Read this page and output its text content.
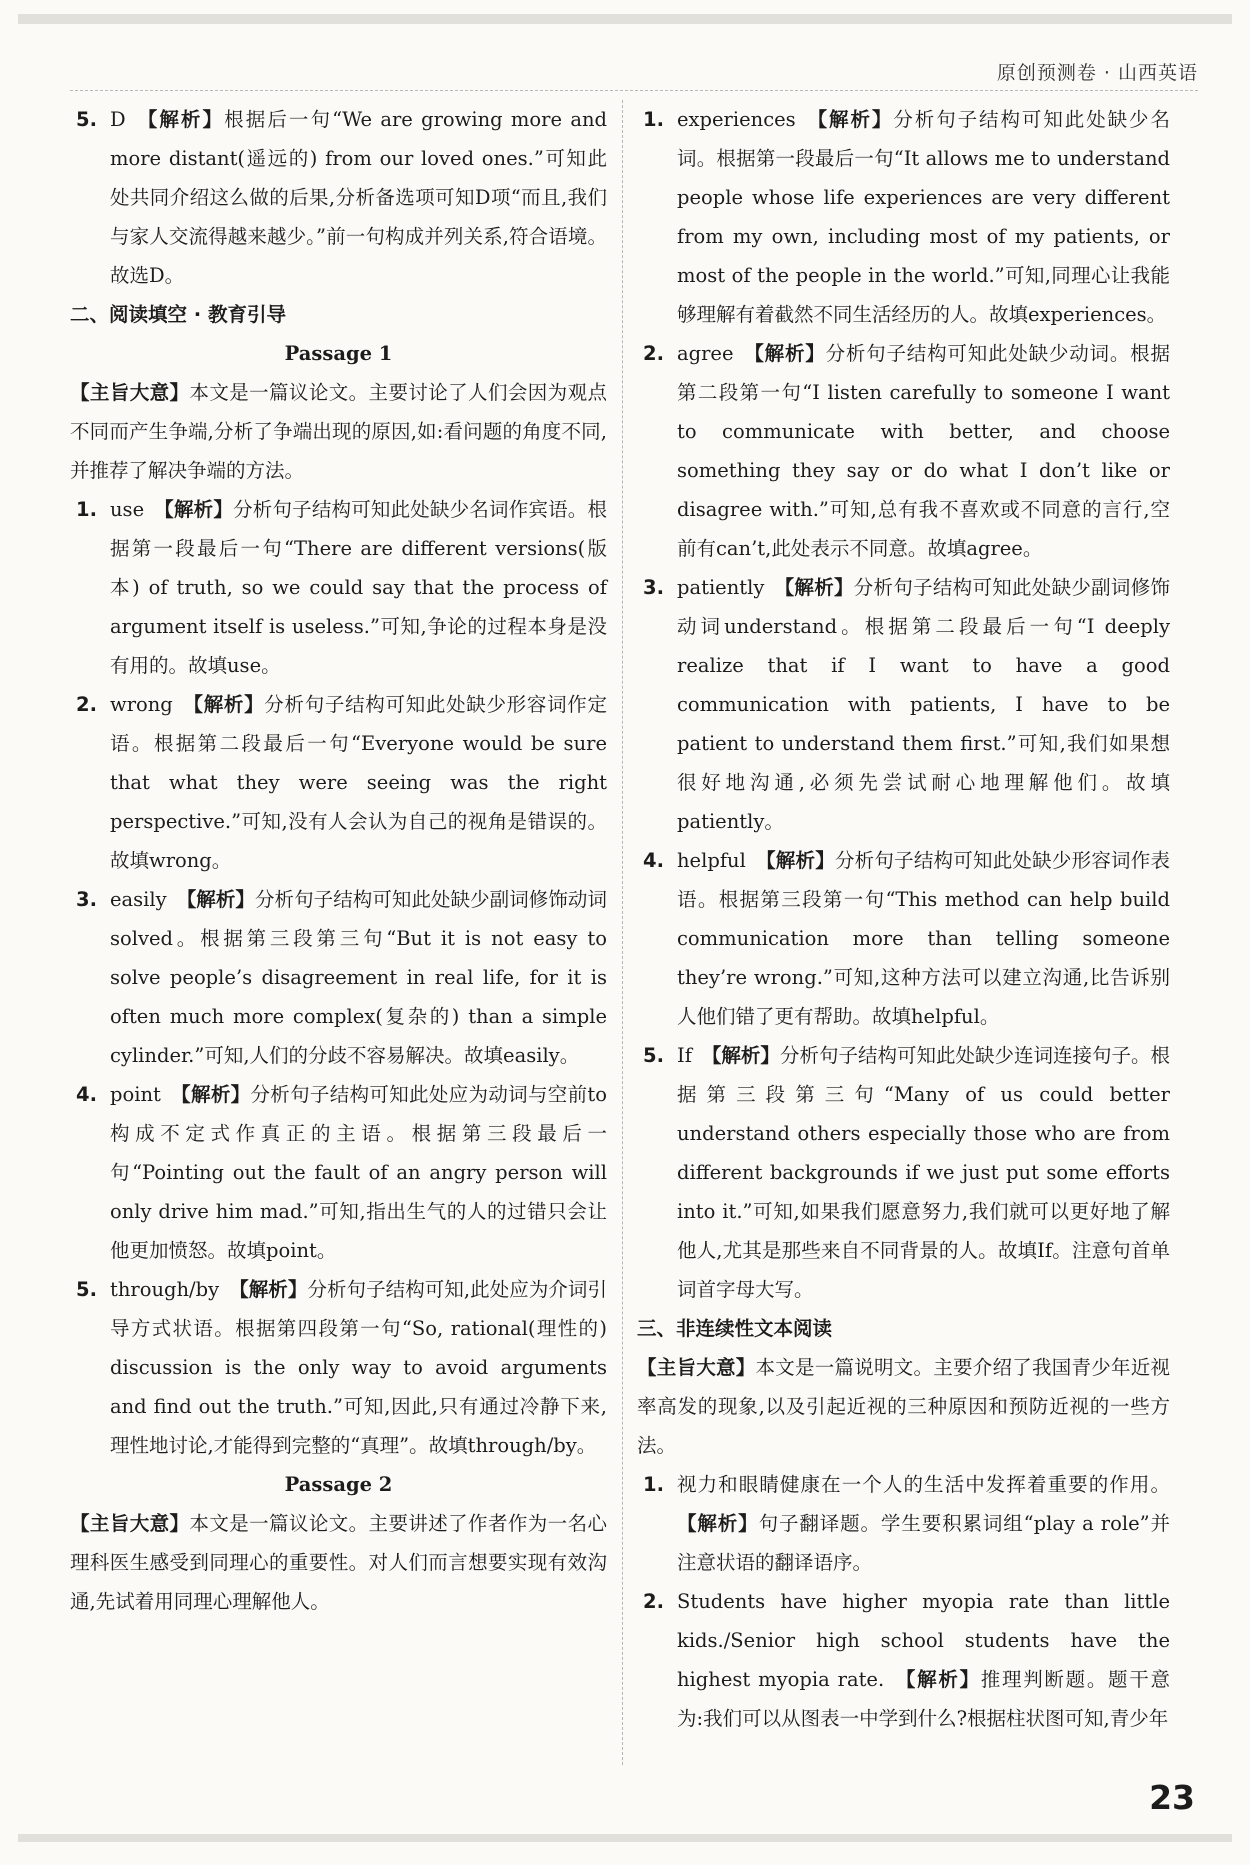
原创预测卷 · 山西英语

5. D 【解析】根据后一句“We are growing more and more distant(遥远的) from our loved ones.”可知此处共同介绍这么做的后果,分析备选项可知D项“而且,我们与家人交流得越来越少。”前一句构成并列关系,符合语境。故选D。

二、阅读填空 · 教育引导

Passage 1

【主旨大意】本文是一篇议论文。主要讨论了人们会因为观点不同而产生争端,分析了争端出现的原因,如:看问题的角度不同,并推荐了解决争端的方法。

1. use 【解析】分析句子结构可知此处缺少名词作宾语。根据第一段最后一句“There are different versions(版本) of truth, so we could say that the process of argument itself is useless.”可知,争论的过程本身是没有用的。故填use。

2. wrong 【解析】分析句子结构可知此处缺少形容词作定语。根据第二段最后一句“Everyone would be sure that what they were seeing was the right perspective.”可知,没有人会认为自己的视角是错误的。故填wrong。

3. easily 【解析】分析句子结构可知此处缺少副词修饰动词solved。根据第三段第三句“But it is not easy to solve people’s disagreement in real life, for it is often much more complex(复杂的) than a simple cylinder.”可知,人们的分歧不容易解决。故填easily。

4. point 【解析】分析句子结构可知此处应为动词与空前to构成不定式作真正的主语。根据第三段最后一句“Pointing out the fault of an angry person will only drive him mad.”可知,指出生气的人的过错只会让他更加愤怒。故填point。

5. through/by 【解析】分析句子结构可知,此处应为介词引导方式状语。根据第四段第一句“So, rational(理性的) discussion is the only way to avoid arguments and find out the truth.”可知,因此,只有通过冷静下来,理性地讨论,才能得到完整的“真理”。故填through/by。

Passage 2

【主旨大意】本文是一篇议论文。主要讲述了作者作为一名心理科医生感受到同理心的重要性。对人们而言想要实现有效沟通,先试着用同理心理解他人。

1. experiences 【解析】分析句子结构可知此处缺少名词。根据第一段最后一句“It allows me to understand people whose life experiences are very different from my own, including most of my patients, or most of the people in the world.”可知,同理心让我能够理解有着截然不同生活经历的人。故填experiences。

2. agree 【解析】分析句子结构可知此处缺少动词。根据第二段第一句“I listen carefully to someone I want to communicate with better, and choose something they say or do what I don’t like or disagree with.”可知,总有我不喜欢或不同意的言行,空前有can’t,此处表示不同意。故填agree。

3. patiently 【解析】分析句子结构可知此处缺少副词修饰动词understand。根据第二段最后一句“I deeply realize that if I want to have a good communication with patients, I have to be patient to understand them first.”可知,我们如果想很好地沟通,必须先尝试耐心地理解他们。故填patiently。

4. helpful 【解析】分析句子结构可知此处缺少形容词作表语。根据第三段第一句“This method can help build communication more than telling someone they’re wrong.”可知,这种方法可以建立沟通,比告诉别人他们错了更有帮助。故填helpful。

5. If 【解析】分析句子结构可知此处缺少连词连接句子。根据第三段第三句“Many of us could better understand others especially those who are from different backgrounds if we just put some efforts into it.”可知,如果我们愿意努力,我们就可以更好地了解他人,尤其是那些来自不同背景的人。故填If。注意句首单词首字母大写。

三、非连续性文本阅读

【主旨大意】本文是一篇说明文。主要介绍了我国青少年近视率高发的现象,以及引起近视的三种原因和预防近视的一些方法。

1. 视力和眼睛健康在一个人的生活中发挥着重要的作用。【解析】句子翻译题。学生要积累词组“play a role”并注意状语的翻译语序。

2. Students have higher myopia rate than little kids./Senior high school students have the highest myopia rate. 【解析】推理判断题。题干意为:我们可以从图表一中学到什么?根据柱状图可知,青少年

23
